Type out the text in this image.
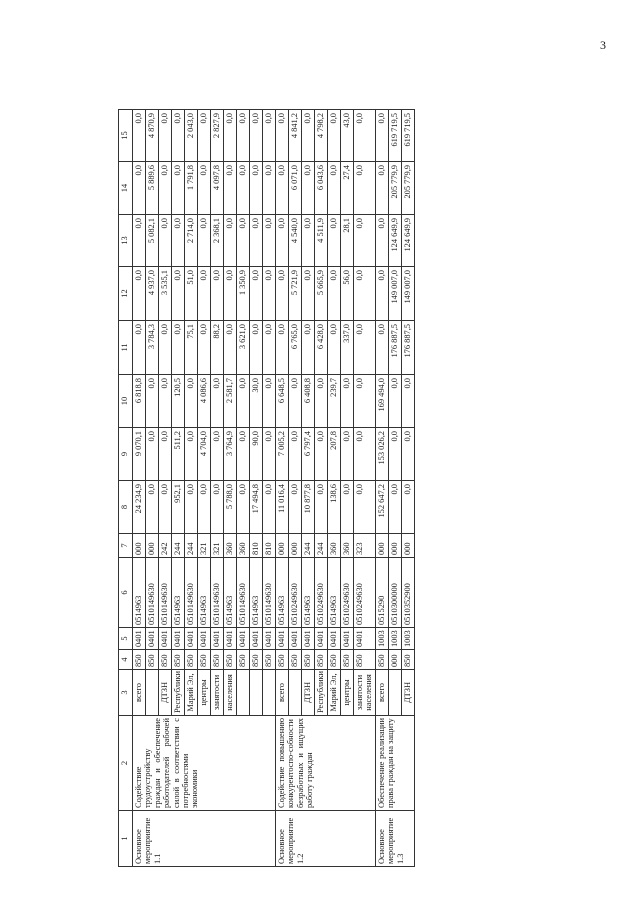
3
1	2	3	4	5	6	7	8	9	10	11	12	13	14	15
Основное мероприятие 1.1	Содействие трудоустройству граждан и обеспечение работодателей рабочей силой в соответствии с потребностями экономики	всего	850	0401	0514963	000	24 234,9	9 070,1	6 818,8	0,0	0,0	0,0	0,0	0,0
			850	0401	0510149630	000	0,0	0,0	0,0	3 784,3	4 937,0	5 082,1	5 889,6	4 870,9
		ДТЗН	850	0401	0510149630	242	0,0	0,0	0,0	0,0	3 535,1	0,0	0,0	0,0
		Республики	850	0401	0514963	244	952,1	511,2	120,5	0,0	0,0	0,0	0,0	0,0
		Марий Эл,	850	0401	0510149630	244	0,0	0,0	0,0	75,1	51,0	2 714,0	1 791,8	2 043,0
		центры	850	0401	0514963	321	0,0	4 704,0	4 086,6	0,0	0,0	0,0	0,0	0,0
		занятости	850	0401	0510149630	321	0,0	0,0	0,0	88,2	0,0	2 368,1	4 097,8	2 827,9
		населения	850	0401	0514963	360	5 788,0	3 764,9	2 581,7	0,0	0,0	0,0	0,0	0,0
			850	0401	0510149630	360	0,0	0,0	0,0	3 621,0	1 350,9	0,0	0,0	0,0
			850	0401	0514963	810	17 494,8	90,0	30,0	0,0	0,0	0,0	0,0	0,0
			850	0401	0510149630	810	0,0	0,0	0,0	0,0	0,0	0,0	0,0	0,0
Основное мероприятие 1.2	Содействие повышению конкурентоспо-собности безработных и ищущих работу граждан	всего	850	0401	0514963	000	11 016,4	7 005,2	6 648,5	0,0	0,0	0,0	0,0	0,0
			850	0401	0510249630	000	0,0	0,0	0,0	6 765,0	5 721,9	4 540,0	6 071,0	4 841,2
		ДТЗН	850	0401	0514963	244	10 877,8	6 797,4	6 408,8	0,0	0,0	0,0	0,0	0,0
		Республики	850	0401	0510249630	244	0,0	0,0	0,0	6 428,0	5 665,9	4 511,9	6 043,6	4 798,2
		Марий Эл,	850	0401	0514963	360	138,6	207,8	239,7	0,0	0,0	0,0	0,0	0,0
		центры	850	0401	0510249630	360	0,0	0,0	0,0	337,0	56,0	28,1	27,4	43,0
		занятости населения	850	0401	0510249630	323	0,0	0,0	0,0	0,0	0,0	0,0	0,0	0,0
Основное мероприятие 1.3	Обеспечение реализации права граждан на защиту	всего	850	1003	0515290	000	152 647,2	153 026,2	169 494,0	0,0	0,0	0,0	0,0	0,0
			000	1003	0510300000	000	0,0	0,0	0,0	176 887,5	149 007,0	124 649,9	205 779,9	619 719,5
		ДТЗН	850	1003	0510352900	000	0,0	0,0	0,0	176 887,5	149 007,0	124 649,9	205 779,9	619 719,5
